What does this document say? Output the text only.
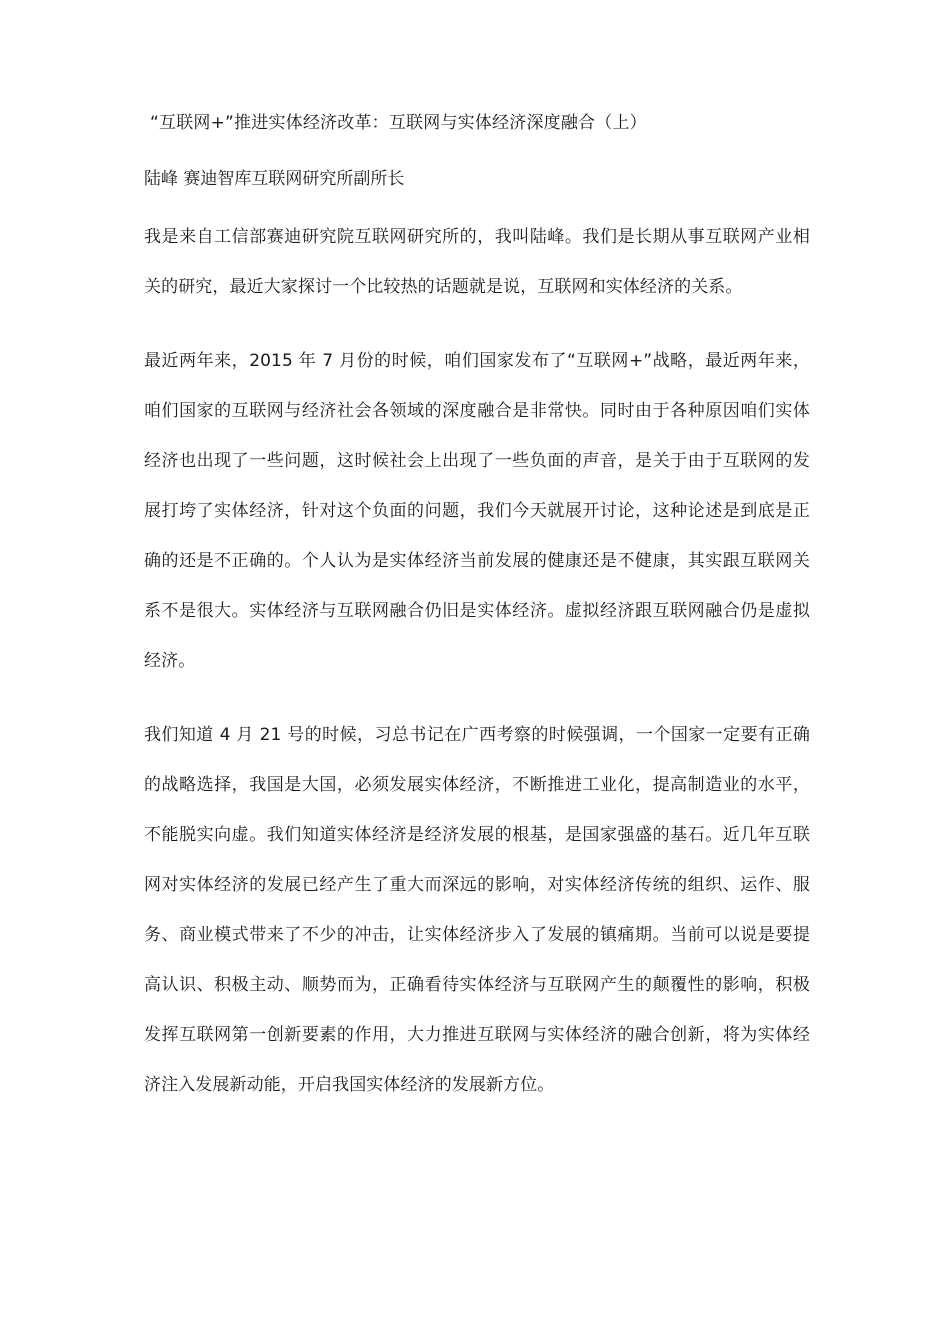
“互联网+”推进实体经济改革：互联网与实体经济深度融合（上）

陆峰 赛迪智库互联网研究所副所长

我是来自工信部赛迪研究院互联网研究所的，我叫陆峰。我们是长期从事互联网产业相关的研究，最近大家探讨一个比较热的话题就是说，互联网和实体经济的关系。

最近两年来，2015 年 7 月份的时候，咱们国家发布了“互联网+”战略，最近两年来，咱们国家的互联网与经济社会各领域的深度融合是非常快。同时由于各种原因咱们实体经济也出现了一些问题，这时候社会上出现了一些负面的声音，是关于由于互联网的发展打垮了实体经济，针对这个负面的问题，我们今天就展开讨论，这种论述是到底是正确的还是不正确的。个人认为是实体经济当前发展的健康还是不健康，其实跟互联网关系不是很大。实体经济与互联网融合仍旧是实体经济。虚拟经济跟互联网融合仍是虚拟经济。

我们知道 4 月 21 号的时候，习总书记在广西考察的时候强调，一个国家一定要有正确的战略选择，我国是大国，必须发展实体经济，不断推进工业化，提高制造业的水平，不能脱实向虚。我们知道实体经济是经济发展的根基，是国家强盛的基石。近几年互联网对实体经济的发展已经产生了重大而深远的影响，对实体经济传统的组织、运作、服务、商业模式带来了不少的冲击，让实体经济步入了发展的镇痛期。当前可以说是要提高认识、积极主动、顺势而为，正确看待实体经济与互联网产生的颠覆性的影响，积极发挥互联网第一创新要素的作用，大力推进互联网与实体经济的融合创新，将为实体经济注入发展新动能，开启我国实体经济的发展新方位。
